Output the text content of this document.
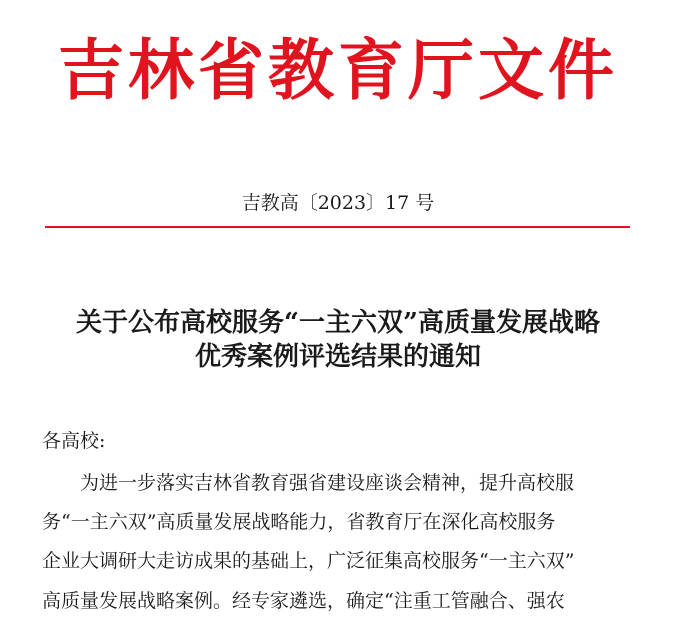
吉林省教育厅文件
吉教高〔2023〕17 号
关于公布高校服务“一主六双”高质量发展战略
优秀案例评选结果的通知
各高校:
　　为进一步落实吉林省教育强省建设座谈会精神，提升高校服
务“一主六双”高质量发展战略能力，省教育厅在深化高校服务
企业大调研大走访成果的基础上，广泛征集高校服务“一主六双”
高质量发展战略案例。经专家遴选，确定“注重工管融合、强农
